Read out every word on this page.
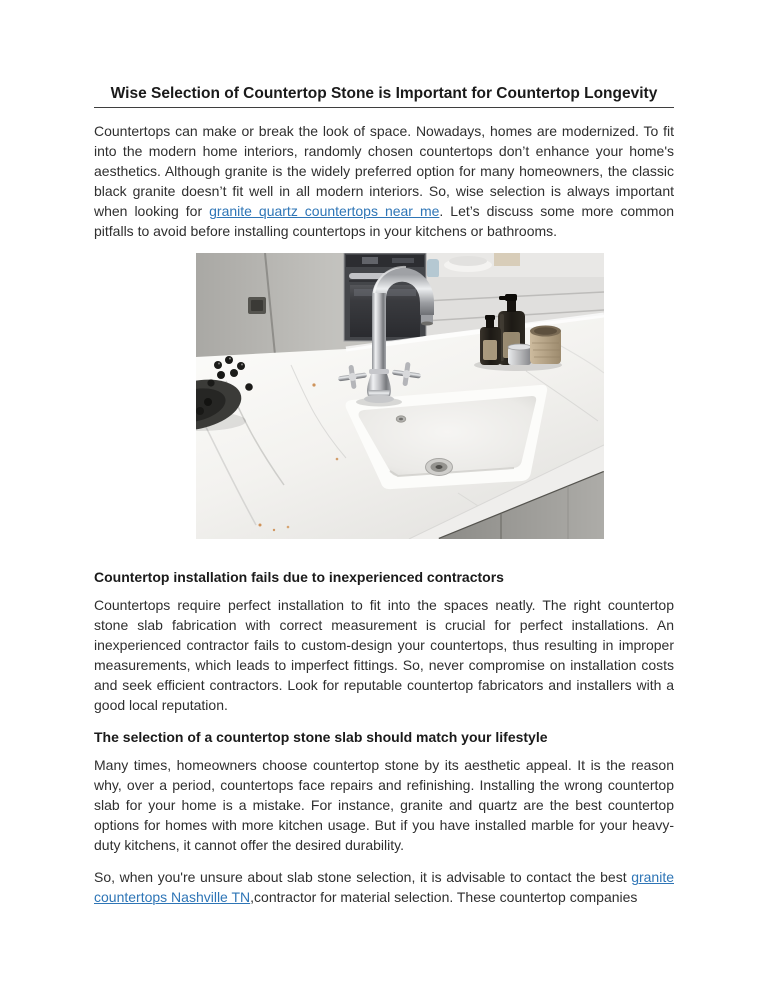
Wise Selection of Countertop Stone is Important for Countertop Longevity

Countertops can make or break the look of space. Nowadays, homes are modernized. To fit into the modern home interiors, randomly chosen countertops don’t enhance your home's aesthetics. Although granite is the widely preferred option for many homeowners, the classic black granite doesn’t fit well in all modern interiors. So, wise selection is always important when looking for granite quartz countertops near me. Let’s discuss some more common pitfalls to avoid before installing countertops in your kitchens or bathrooms.

Countertop installation fails due to inexperienced contractors

Countertops require perfect installation to fit into the spaces neatly. The right countertop stone slab fabrication with correct measurement is crucial for perfect installations. An inexperienced contractor fails to custom-design your countertops, thus resulting in improper measurements, which leads to imperfect fittings. So, never compromise on installation costs and seek efficient contractors. Look for reputable countertop fabricators and installers with a good local reputation.

The selection of a countertop stone slab should match your lifestyle

Many times, homeowners choose countertop stone by its aesthetic appeal. It is the reason why, over a period, countertops face repairs and refinishing. Installing the wrong countertop slab for your home is a mistake. For instance, granite and quartz are the best countertop options for homes with more kitchen usage. But if you have installed marble for your heavy-duty kitchens, it cannot offer the desired durability.

So, when you're unsure about slab stone selection, it is advisable to contact the best granite countertops Nashville TN,contractor for material selection. These countertop companies
